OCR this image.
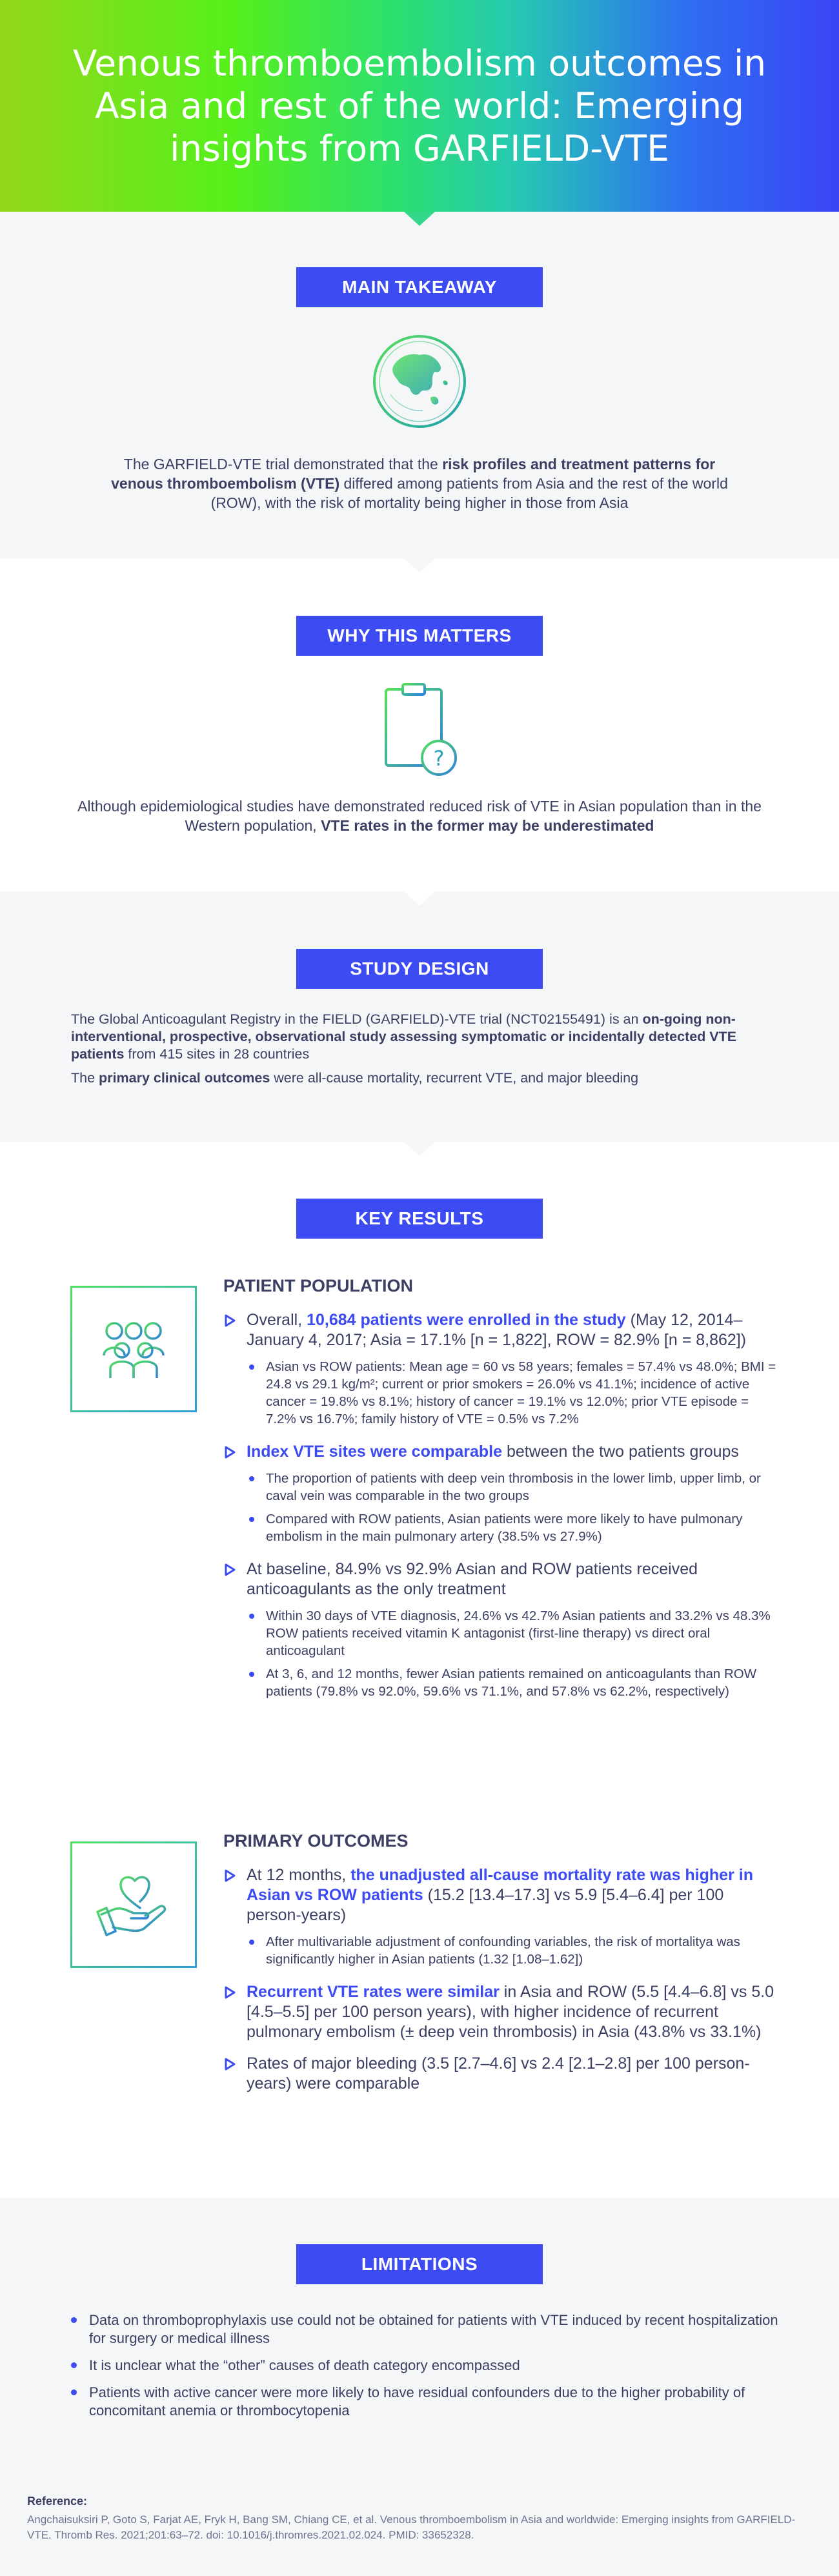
Venous thromboembolism outcomes in Asia and rest of the world: Emerging insights from GARFIELD-VTE
MAIN TAKEAWAY

The GARFIELD-VTE trial demonstrated that the risk profiles and treatment patterns for venous thromboembolism (VTE) differed among patients from Asia and the rest of the world (ROW), with the risk of mortality being higher in those from Asia

WHY THIS MATTERS
?

Although epidemiological studies have demonstrated reduced risk of VTE in Asian population than in the Western population, VTE rates in the former may be underestimated

STUDY DESIGN

The Global Anticoagulant Registry in the FIELD (GARFIELD)-VTE trial (NCT02155491) is an on-going non-interventional, prospective, observational study assessing symptomatic or incidentally detected VTE patients from 415 sites in 28 countries

The primary clinical outcomes were all-cause mortality, recurrent VTE, and major bleeding

KEY RESULTS
PATIENT POPULATION
Overall, 10,684 patients were enrolled in the study (May 12, 2014–January 4, 2017; Asia = 17.1% [n = 1,822], ROW = 82.9% [n = 8,862])
Asian vs ROW patients: Mean age = 60 vs 58 years; females = 57.4% vs 48.0%; BMI = 24.8 vs 29.1 kg/m²; current or prior smokers = 26.0% vs 41.1%; incidence of active cancer = 19.8% vs 8.1%; history of cancer = 19.1% vs 12.0%; prior VTE episode = 7.2% vs 16.7%; family history of VTE = 0.5% vs 7.2%
Index VTE sites were comparable between the two patients groups
The proportion of patients with deep vein thrombosis in the lower limb, upper limb, or caval vein was comparable in the two groups
Compared with ROW patients, Asian patients were more likely to have pulmonary embolism in the main pulmonary artery (38.5% vs 27.9%)
At baseline, 84.9% vs 92.9% Asian and ROW patients received anticoagulants as the only treatment
Within 30 days of VTE diagnosis, 24.6% vs 42.7% Asian patients and 33.2% vs 48.3% ROW patients received vitamin K antagonist (first-line therapy) vs direct oral anticoagulant
At 3, 6, and 12 months, fewer Asian patients remained on anticoagulants than ROW patients (79.8% vs 92.0%, 59.6% vs 71.1%, and 57.8% vs 62.2%, respectively)
PRIMARY OUTCOMES
At 12 months, the unadjusted all-cause mortality rate was higher in Asian vs ROW patients (15.2 [13.4–17.3] vs 5.9 [5.4–6.4] per 100 person-years)
After multivariable adjustment of confounding variables, the risk of mortalitya was significantly higher in Asian patients (1.32 [1.08–1.62])
Recurrent VTE rates were similar in Asia and ROW (5.5 [4.4–6.8] vs 5.0 [4.5–5.5] per 100 person years), with higher incidence of recurrent pulmonary embolism (± deep vein thrombosis) in Asia (43.8% vs 33.1%)
Rates of major bleeding (3.5 [2.7–4.6] vs 2.4 [2.1–2.8] per 100 person-years) were comparable
LIMITATIONS
Data on thromboprophylaxis use could not be obtained for patients with VTE induced by recent hospitalization for surgery or medical illness
It is unclear what the “other” causes of death category encompassed
Patients with active cancer were more likely to have residual confounders due to the higher probability of concomitant anemia or thrombocytopenia
Reference:
Angchaisuksiri P, Goto S, Farjat AE, Fryk H, Bang SM, Chiang CE, et al. Venous thromboembolism in Asia and worldwide: Emerging insights from GARFIELD-VTE. Thromb Res. 2021;201:63–72. doi: 10.1016/j.thromres.2021.02.024. PMID: 33652328.
